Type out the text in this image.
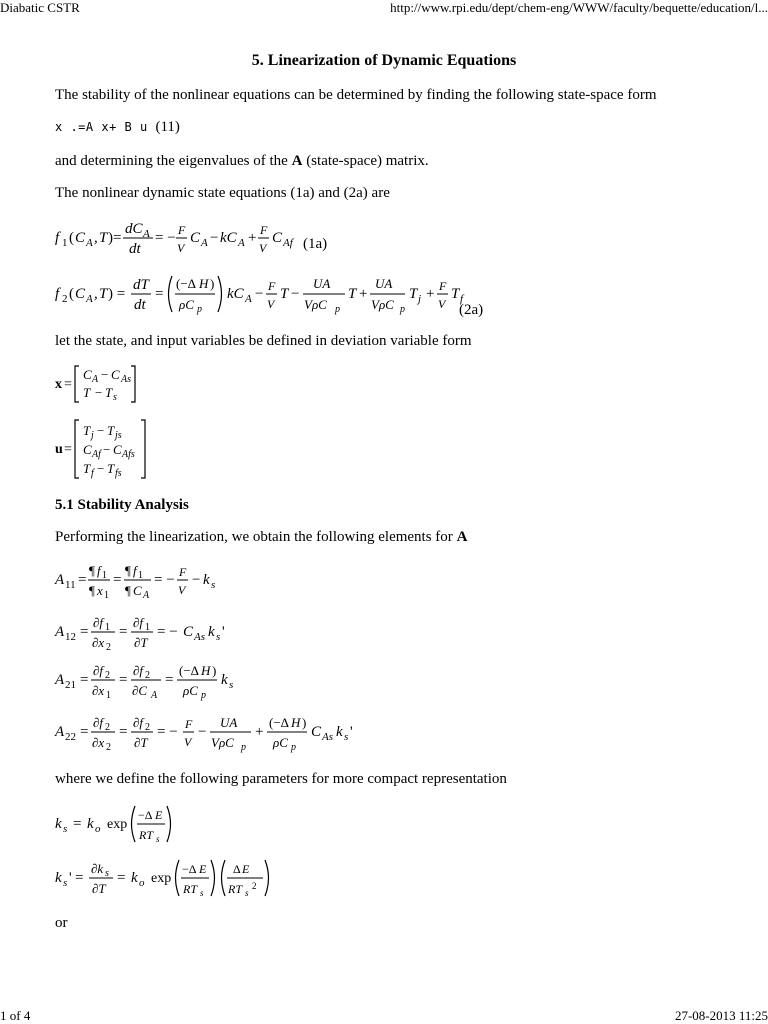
Diabatic CSTR	http://www.rpi.edu/dept/chem-eng/WWW/faculty/bequette/education/l...
5. Linearization of Dynamic Equations
The stability of the nonlinear equations can be determined by finding the following state-space form
x .=A x+ B u (11)
and determining the eigenvalues of the A (state-space) matrix.
The nonlinear dynamic state equations (1a) and (2a) are
f 1 ( C A , T )=
dC A
dt
= − F
V
C A − kC A + F
V
C Af (1a)
f 2 ( C A , T ) =
dT
dt
=
(−Δ H )
ρC p
kC A − F
V
T −
UA
VρC p
T +
UA
VρC p
T j + F
V
T f
(2a)
let the state, and input variables be defined in deviation variable form
x =
C A − C As
T − T s
u =
T j − T js
C Af − C Afs
T f − T fs
5.1 Stability Analysis
Performing the linearization, we obtain the following elements for A
A 11 =
¶ f 1
¶ x 1
=
¶ f 1
¶ C A
= − F
V
− k s
A 12 =
∂f 1
∂x 2
=
∂f 1
∂T
= − C As k s '
A 21 =
∂f 2
∂x 1
=
∂f 2
∂C A
=
(−Δ H )
ρC p
k s
A 22 =
∂f 2
∂x 2
=
∂f 2
∂T
= − F
V
−
UA
VρC p
+
(−Δ H )
ρC p
C As k s '
where we define the following parameters for more compact representation
k s = k o exp
−Δ E
RT s
k s ' =
∂k s
∂T
= k o exp
−Δ E
RT s
Δ E
RT s
2
or
1 of 4	27-08-2013 11:25
